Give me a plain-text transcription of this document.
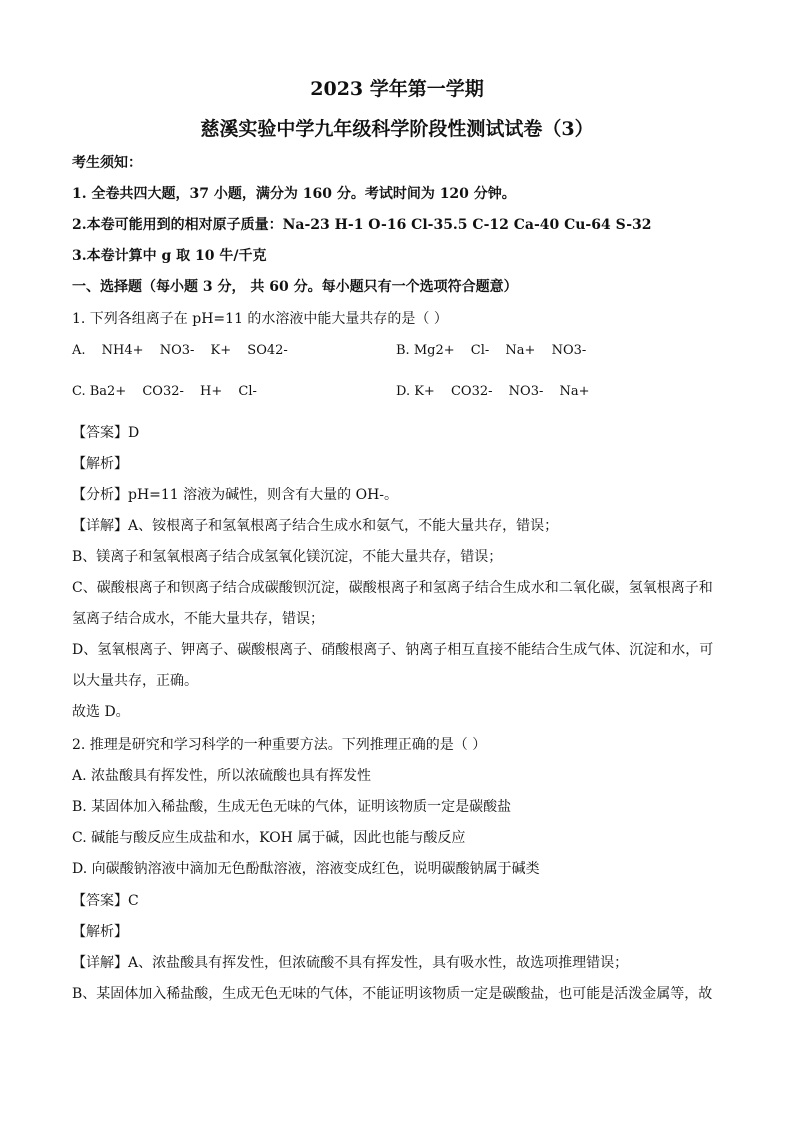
2023 学年第一学期
慈溪实验中学九年级科学阶段性测试试卷（3）
考生须知：
1. 全卷共四大题，37 小题，满分为 160 分。考试时间为 120 分钟。
2.本卷可能用到的相对原子质量：Na-23 H-1 O-16 Cl-35.5 C-12 Ca-40 Cu-64 S-32
3.本卷计算中 g 取 10 牛/千克
一、选择题（每小题 3 分， 共 60 分。每小题只有一个选项符合题意）
1. 下列各组离子在 pH=11 的水溶液中能大量共存的是（ ）
A. NH4+ NO3- K+ SO42-	B. Mg2+ Cl- Na+ NO3-
C. Ba2+ CO32- H+ Cl-	D. K+ CO32- NO3- Na+
【答案】D
【解析】
【分析】pH=11 溶液为碱性，则含有大量的 OH-。
【详解】A、铵根离子和氢氧根离子结合生成水和氨气，不能大量共存，错误；
B、镁离子和氢氧根离子结合成氢氧化镁沉淀，不能大量共存，错误；
C、碳酸根离子和钡离子结合成碳酸钡沉淀，碳酸根离子和氢离子结合生成水和二氧化碳，氢氧根离子和
氢离子结合成水，不能大量共存，错误；
D、氢氧根离子、钾离子、碳酸根离子、硝酸根离子、钠离子相互直接不能结合生成气体、沉淀和水，可
以大量共存，正确。
故选 D。
2. 推理是研究和学习科学的一种重要方法。下列推理正确的是（ ）
A. 浓盐酸具有挥发性，所以浓硫酸也具有挥发性
B. 某固体加入稀盐酸，生成无色无味的气体，证明该物质一定是碳酸盐
C. 碱能与酸反应生成盐和水，KOH 属于碱，因此也能与酸反应
D. 向碳酸钠溶液中滴加无色酚酞溶液，溶液变成红色，说明碳酸钠属于碱类
【答案】C
【解析】
【详解】A、浓盐酸具有挥发性，但浓硫酸不具有挥发性，具有吸水性，故选项推理错误；
B、某固体加入稀盐酸，生成无色无味的气体，不能证明该物质一定是碳酸盐，也可能是活泼金属等，故
